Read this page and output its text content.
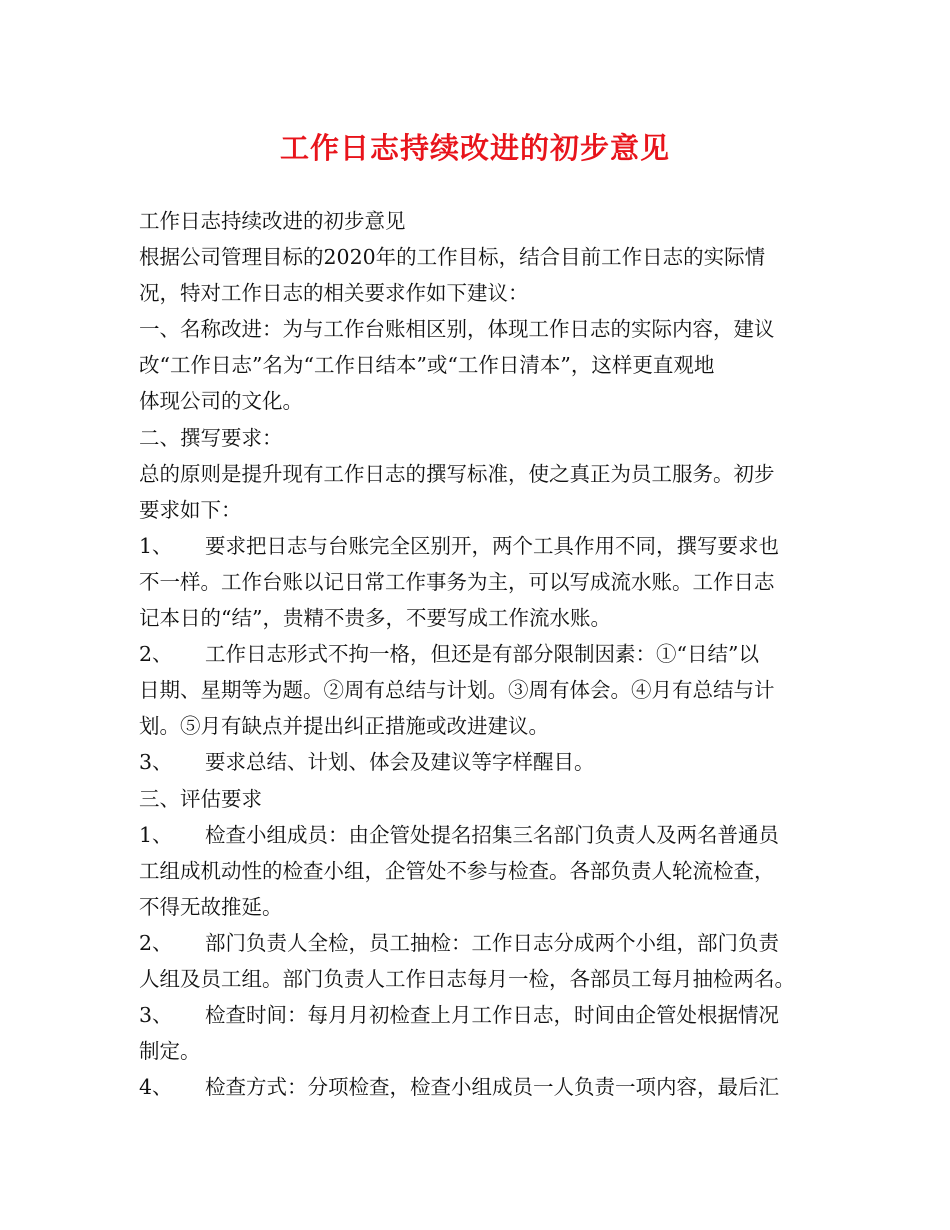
工作日志持续改进的初步意见
工作日志持续改进的初步意见
根据公司管理目标的2020年的工作目标，结合目前工作日志的实际情
况，特对工作日志的相关要求作如下建议：
一、名称改进：为与工作台账相区别，体现工作日志的实际内容，建议
改“工作日志”名为“工作日结本”或“工作日清本”，这样更直观地
体现公司的文化。
二、撰写要求：
总的原则是提升现有工作日志的撰写标准，使之真正为员工服务。初步
要求如下：
1、 要求把日志与台账完全区别开，两个工具作用不同，撰写要求也
不一样。工作台账以记日常工作事务为主，可以写成流水账。工作日志
记本日的“结”，贵精不贵多，不要写成工作流水账。
2、 工作日志形式不拘一格，但还是有部分限制因素：①“日结”以
日期、星期等为题。②周有总结与计划。③周有体会。④月有总结与计
划。⑤月有缺点并提出纠正措施或改进建议。
3、 要求总结、计划、体会及建议等字样醒目。
三、评估要求
1、 检查小组成员：由企管处提名招集三名部门负责人及两名普通员
工组成机动性的检查小组，企管处不参与检查。各部负责人轮流检查，
不得无故推延。
2、 部门负责人全检，员工抽检：工作日志分成两个小组，部门负责
人组及员工组。部门负责人工作日志每月一检，各部员工每月抽检两名。
3、 检查时间：每月月初检查上月工作日志，时间由企管处根据情况
制定。
4、 检查方式：分项检查，检查小组成员一人负责一项内容，最后汇
